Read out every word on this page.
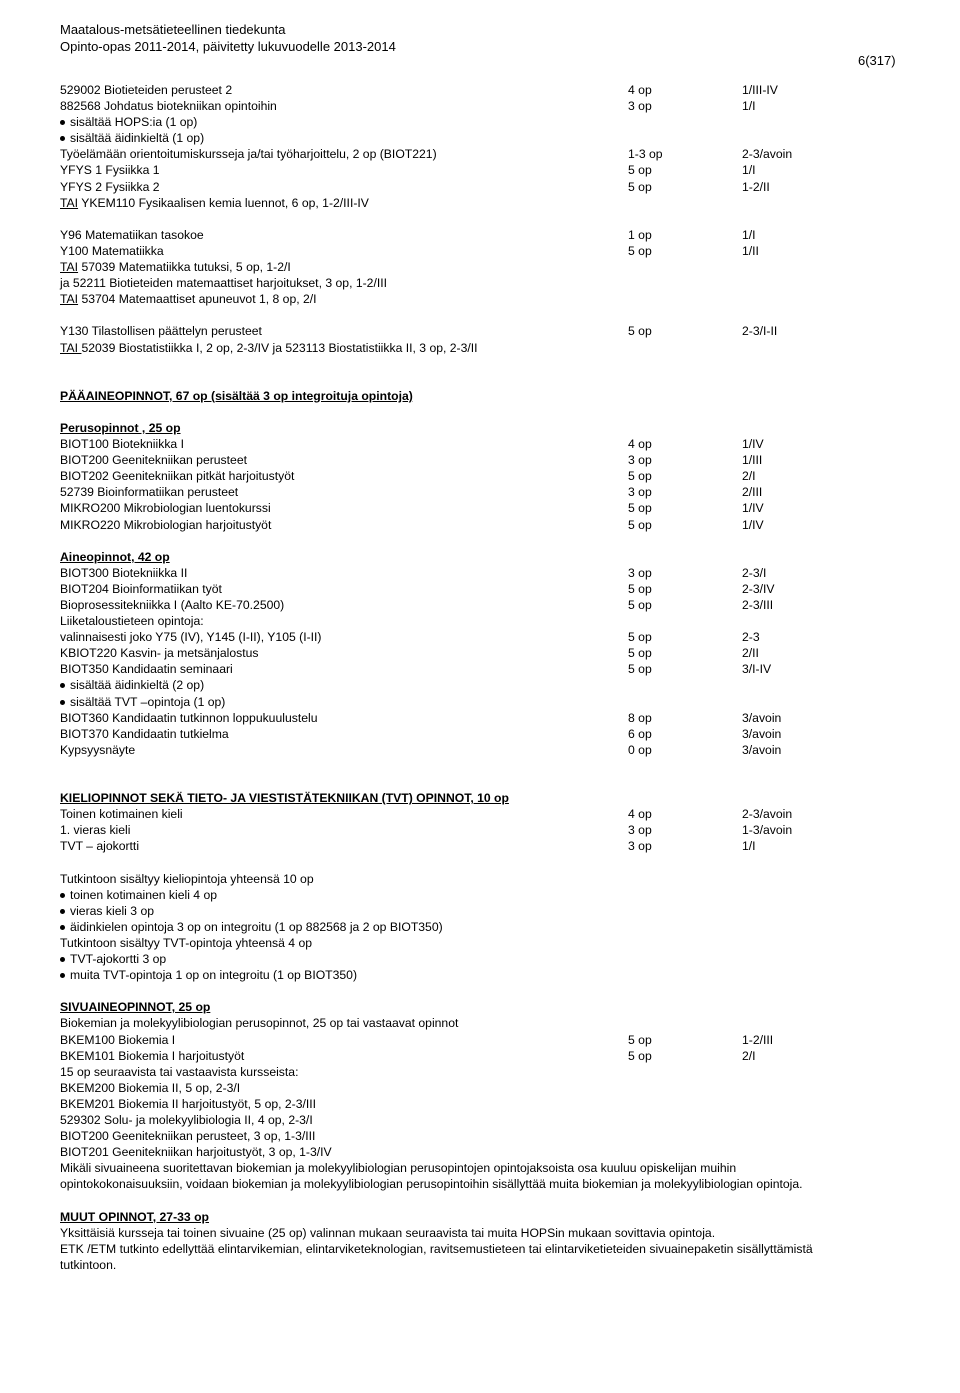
Maatalous-metsätieteellinen tiedekunta
Opinto-opas 2011-2014, päivitetty lukuvuodelle 2013-2014
6(317)
529002 Biotieteiden perusteet 2	4 op	1/III-IV
882568 Johdatus biotekniikan opintoihin	3 op	1/I
sisältää HOPS:ia (1 op)
sisältää äidinkieltä (1 op)
Työelämään orientoitumiskursseja ja/tai työharjoittelu, 2 op (BIOT221)	1-3 op	2-3/avoin
YFYS 1 Fysiikka 1	5 op	1/I
YFYS 2 Fysiikka 2	5 op	1-2/II
TAI YKEM110 Fysikaalisen kemia luennot, 6 op, 1-2/III-IV
Y96 Matematiikan tasokoe	1 op	1/I
Y100 Matematiikka	5 op	1/II
TAI 57039 Matematiikka tutuksi, 5 op, 1-2/I
ja 52211 Biotieteiden matemaattiset harjoitukset, 3 op, 1-2/III
TAI 53704 Matemaattiset apuneuvot 1, 8 op, 2/I
Y130 Tilastollisen päättelyn perusteet	5 op	2-3/I-II
TAI 52039 Biostatistiikka I, 2 op, 2-3/IV ja 523113 Biostatistiikka II, 3 op, 2-3/II
PÄÄAINEOPINNOT, 67 op (sisältää 3 op integroituja opintoja)
Perusopinnot , 25 op
BIOT100 Biotekniikka I	4 op	1/IV
BIOT200 Geenitekniikan perusteet	3 op	1/III
BIOT202 Geenitekniikan pitkät harjoitustyöt	5 op	2/I
52739 Bioinformatiikan perusteet	3 op	2/III
MIKRO200 Mikrobiologian luentokurssi	5 op	1/IV
MIKRO220 Mikrobiologian harjoitustyöt	5 op	1/IV
Aineopinnot, 42 op
BIOT300 Biotekniikka II	3 op	2-3/I
BIOT204 Bioinformatiikan työt	5 op	2-3/IV
Bioprosessitekniikka I (Aalto KE-70.2500)	5 op	2-3/III
Liiketaloustieteen opintoja:
valinnaisesti joko Y75 (IV), Y145 (I-II), Y105 (I-II)	5 op	2-3
KBIOT220 Kasvin- ja metsänjalostus	5 op	2/II
BIOT350 Kandidaatin seminaari	5 op	3/I-IV
sisältää äidinkieltä (2 op)
sisältää TVT –opintoja (1 op)
BIOT360 Kandidaatin tutkinnon loppukuulustelu	8 op	3/avoin
BIOT370 Kandidaatin tutkielma	6 op	3/avoin
Kypsyysnäyte	0 op	3/avoin
KIELIOPINNOT SEKÄ TIETO- JA VIESTISTÄTEKNIIKAN (TVT) OPINNOT, 10 op
Toinen kotimainen kieli	4 op	2-3/avoin
1. vieras kieli	3 op	1-3/avoin
TVT – ajokortti	3 op	1/I
Tutkintoon sisältyy kieliopintoja yhteensä 10 op
toinen kotimainen kieli 4 op
vieras kieli 3 op
äidinkielen opintoja 3 op on integroitu (1 op 882568 ja 2 op BIOT350)
Tutkintoon sisältyy TVT-opintoja yhteensä 4 op
TVT-ajokortti 3 op
muita TVT-opintoja 1 op on integroitu (1 op BIOT350)
SIVUAINEOPINNOT, 25 op
Biokemian ja molekyylibiologian perusopinnot, 25 op tai vastaavat opinnot
BKEM100 Biokemia I	5 op	1-2/III
BKEM101 Biokemia I harjoitustyöt	5 op	2/I
15 op seuraavista tai vastaavista kursseista:
BKEM200 Biokemia II, 5 op, 2-3/I
BKEM201 Biokemia II harjoitustyöt, 5 op, 2-3/III
529302 Solu- ja molekyylibiologia II, 4 op, 2-3/I
BIOT200 Geenitekniikan perusteet, 3 op, 1-3/III
BIOT201 Geenitekniikan harjoitustyöt, 3 op, 1-3/IV
Mikäli sivuaineena suoritettavan biokemian ja molekyylibiologian perusopintojen opintojaksoista osa kuuluu opiskelijan muihin opintokokonaisuuksiin, voidaan biokemian ja molekyylibiologian perusopintoihin sisällyttää muita biokemian ja molekyylibiologian opintoja.
MUUT OPINNOT, 27-33 op
Yksittäisiä kursseja tai toinen sivuaine (25 op) valinnan mukaan seuraavista tai muita HOPSin mukaan sovittavia opintoja.
ETK /ETM tutkinto edellyttää elintarvikemian, elintarviketeknologian, ravitsemustieteen tai elintarviketieteiden sivuainepaketin sisällyttämistä tutkintoon.
